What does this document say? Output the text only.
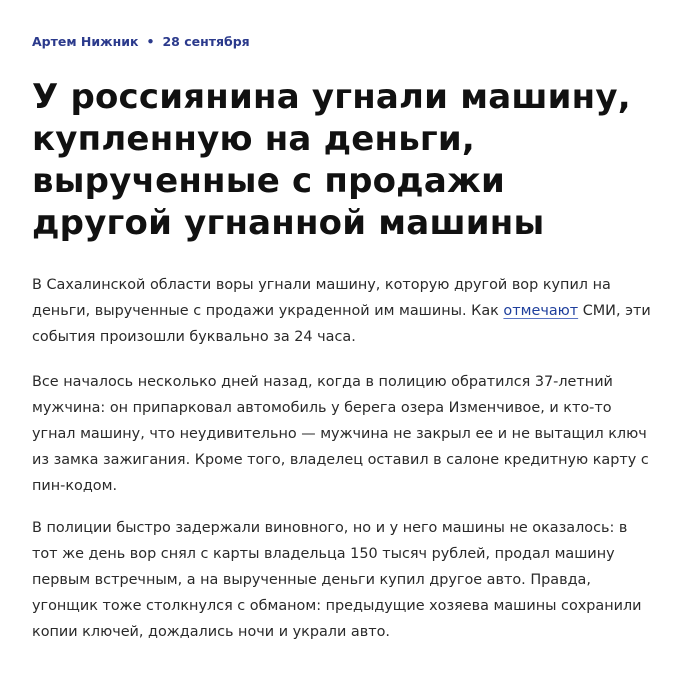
Артем Нижник • 28 сентября
У россиянина угнали машину,
купленную на деньги,
вырученные с продажи
другой угнанной машины

В Сахалинской области воры угнали машину, которую другой вор купил на
деньги, вырученные с продажи украденной им машины. Как отмечают СМИ, эти
события произошли буквально за 24 часа.

Все началось несколько дней назад, когда в полицию обратился 37-летний
мужчина: он припарковал автомобиль у берега озера Изменчивое, и кто-то
угнал машину, что неудивительно — мужчина не закрыл ее и не вытащил ключ
из замка зажигания. Кроме того, владелец оставил в салоне кредитную карту с
пин-кодом.

В полиции быстро задержали виновного, но и у него машины не оказалось: в
тот же день вор снял с карты владельца 150 тысяч рублей, продал машину
первым встречным, а на вырученные деньги купил другое авто. Правда,
угонщик тоже столкнулся с обманом: предыдущие хозяева машины сохранили
копии ключей, дождались ночи и украли авто.
